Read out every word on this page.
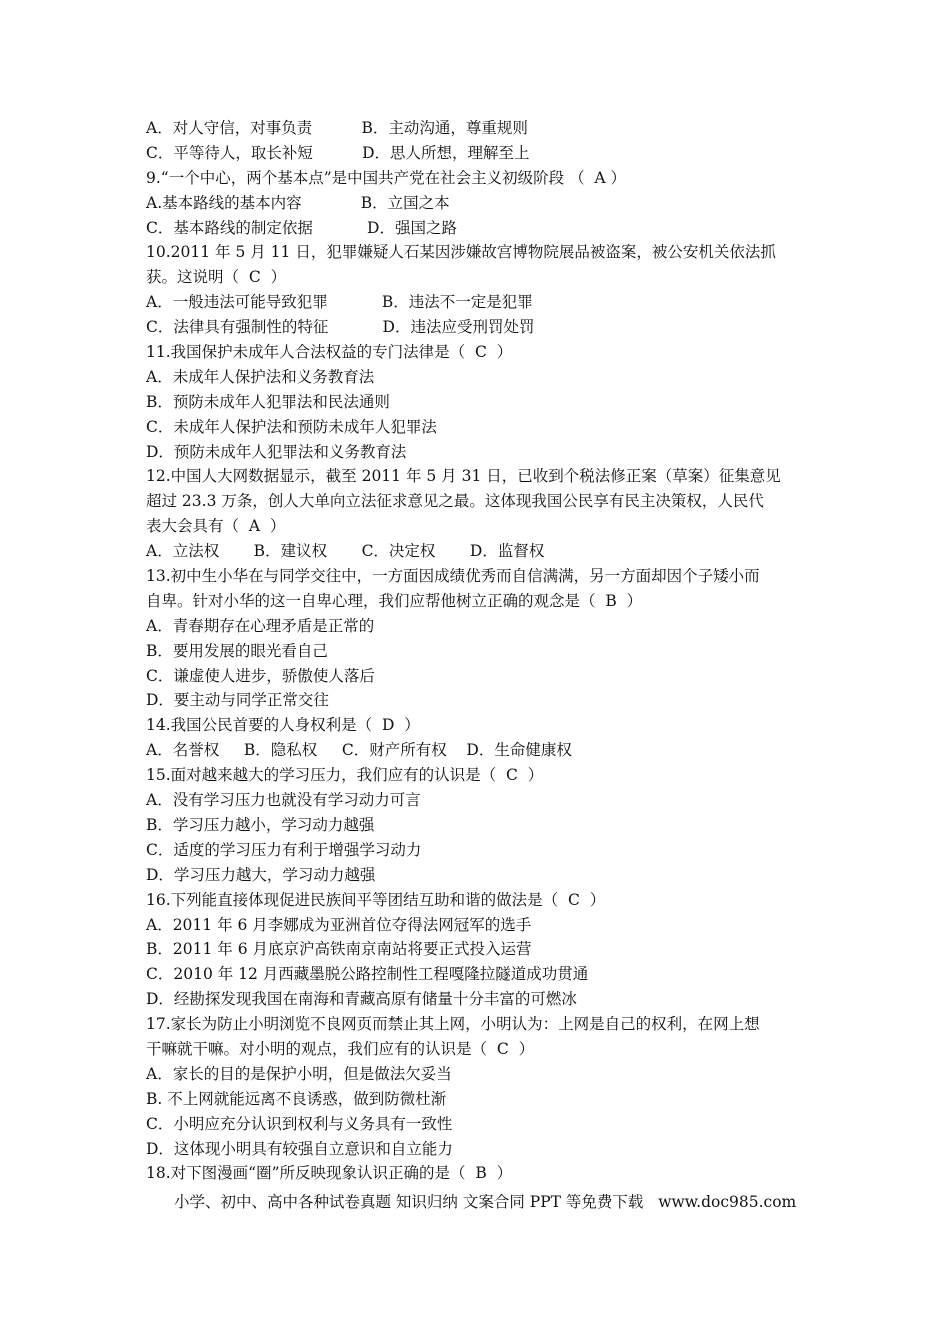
A．对人守信，对事负责          B．主动沟通，尊重规则
C．平等待人，取长补短          D．思人所想，理解至上
9.“一个中心，两个基本点”是中国共产党在社会主义初级阶段 （  A ）
A.基本路线的基本内容            B．立国之本
C．基本路线的制定依据           D．强国之路
10.2011 年 5 月 11 日，犯罪嫌疑人石某因涉嫌故宫博物院展品被盗案，被公安机关依法抓
获。这说明（  C  ）
A．一般违法可能导致犯罪           B．违法不一定是犯罪
C．法律具有强制性的特征           D．违法应受刑罚处罚
11.我国保护未成年人合法权益的专门法律是（  C  ）
A．未成年人保护法和义务教育法
B．预防未成年人犯罪法和民法通则
C．未成年人保护法和预防未成年人犯罪法
D．预防未成年人犯罪法和义务教育法
12.中国人大网数据显示，截至 2011 年 5 月 31 日，已收到个税法修正案（草案）征集意见
超过 23.3 万条，创人大单向立法征求意见之最。这体现我国公民享有民主决策权，人民代
表大会具有（  A  ）
A．立法权       B．建议权       C．决定权       D．监督权
13.初中生小华在与同学交往中，一方面因成绩优秀而自信满满，另一方面却因个子矮小而
自卑。针对小华的这一自卑心理，我们应帮他树立正确的观念是（  B  ）
A．青春期存在心理矛盾是正常的
B．要用发展的眼光看自己
C．谦虚使人进步，骄傲使人落后
D．要主动与同学正常交往
14.我国公民首要的人身权利是（  D  ）
A．名誉权     B．隐私权     C．财产所有权    D．生命健康权
15.面对越来越大的学习压力，我们应有的认识是（  C  ）
A．没有学习压力也就没有学习动力可言
B．学习压力越小，学习动力越强
C．适度的学习压力有利于增强学习动力
D．学习压力越大，学习动力越强
16.下列能直接体现促进民族间平等团结互助和谐的做法是（  C  ）
A．2011 年 6 月李娜成为亚洲首位夺得法网冠军的选手
B．2011 年 6 月底京沪高铁南京南站将要正式投入运营
C．2010 年 12 月西藏墨脱公路控制性工程嘎隆拉隧道成功贯通
D．经勘探发现我国在南海和青藏高原有储量十分丰富的可燃冰
17.家长为防止小明浏览不良网页而禁止其上网，小明认为：上网是自己的权利，在网上想
干嘛就干嘛。对小明的观点，我们应有的认识是（  C  ）
A．家长的目的是保护小明，但是做法欠妥当
B. 不上网就能远离不良诱惑，做到防微杜渐
C．小明应充分认识到权利与义务具有一致性
D．这体现小明具有较强自立意识和自立能力
18.对下图漫画“圈”所反映现象认识正确的是（  B  ）
小学、初中、高中各种试卷真题 知识归纳 文案合同 PPT 等免费下载   www.doc985.com
